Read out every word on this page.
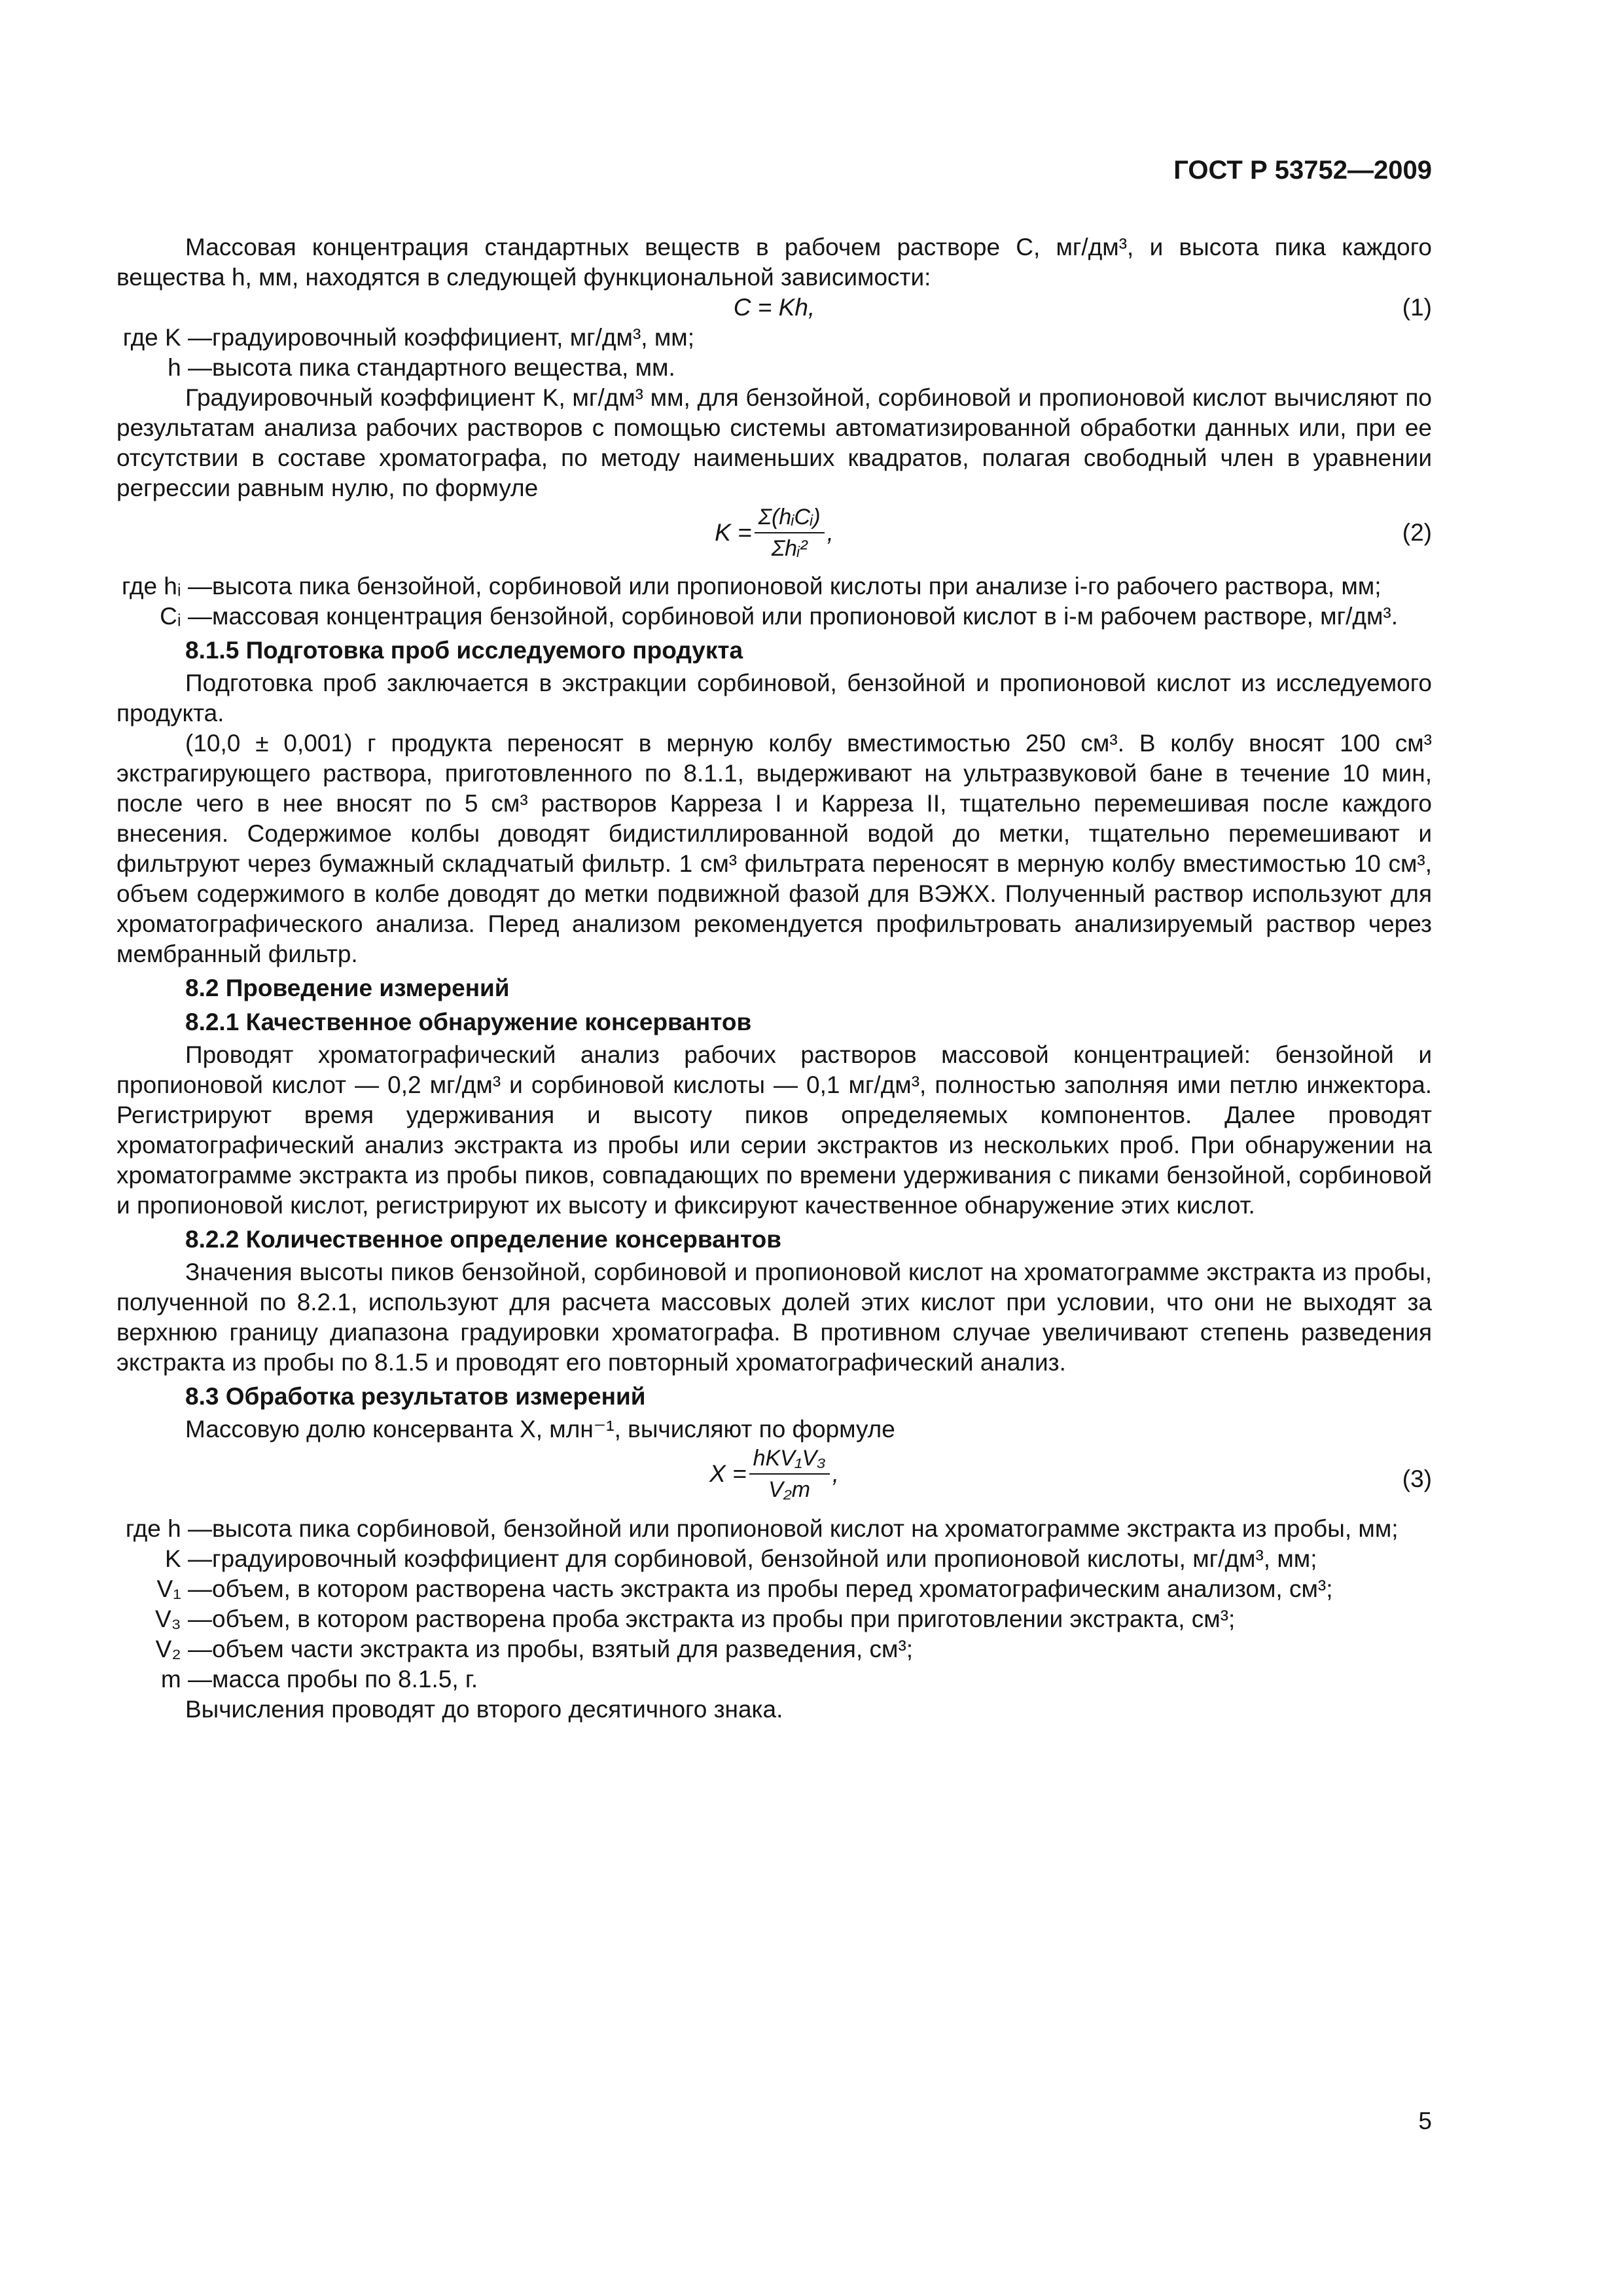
ГОСТ Р 53752—2009

Массовая концентрация стандартных веществ в рабочем растворе С, мг/дм³, и высота пика каждого вещества h, мм, находятся в следующей функциональной зависимости:

C = Kh,	(1)
где K — градуировочный коэффициент, мг/дм³, мм;
h — высота пика стандартного вещества, мм.

Градуировочный коэффициент K, мг/дм³ мм, для бензойной, сорбиновой и пропионовой кислот вычисляют по результатам анализа рабочих растворов с помощью системы автоматизированной обработки данных или, при ее отсутствии в составе хроматографа, по методу наименьших квадратов, полагая свободный член в уравнении регрессии равным нулю, по формуле

$K = \frac{\text{Σ(hᵢCᵢ)}}{\text{Σhᵢ²}}$ ,	(2)
где hᵢ — высота пика бензойной, сорбиновой или пропионовой кислоты при анализе i-го рабочего раствора, мм;
Cᵢ — массовая концентрация бензойной, сорбиновой или пропионовой кислот в i-м рабочем растворе, мг/дм³.

8.1.5 Подготовка проб исследуемого продукта

Подготовка проб заключается в экстракции сорбиновой, бензойной и пропионовой кислот из исследуемого продукта.

(10,0 ± 0,001) г продукта переносят в мерную колбу вместимостью 250 см³. В колбу вносят 100 см³ экстрагирующего раствора, приготовленного по 8.1.1, выдерживают на ультразвуковой бане в течение 10 мин, после чего в нее вносят по 5 см³ растворов Карреза I и Карреза II, тщательно перемешивая после каждого внесения. Содержимое колбы доводят бидистиллированной водой до метки, тщательно перемешивают и фильтруют через бумажный складчатый фильтр. 1 см³ фильтрата переносят в мерную колбу вместимостью 10 см³, объем содержимого в колбе доводят до метки подвижной фазой для ВЭЖХ. Полученный раствор используют для хроматографического анализа. Перед анализом рекомендуется профильтровать анализируемый раствор через мембранный фильтр.

8.2 Проведение измерений

8.2.1 Качественное обнаружение консервантов

Проводят хроматографический анализ рабочих растворов массовой концентрацией: бензойной и пропионовой кислот — 0,2 мг/дм³ и сорбиновой кислоты — 0,1 мг/дм³, полностью заполняя ими петлю инжектора. Регистрируют время удерживания и высоту пиков определяемых компонентов. Далее проводят хроматографический анализ экстракта из пробы или серии экстрактов из нескольких проб. При обнаружении на хроматограмме экстракта из пробы пиков, совпадающих по времени удерживания с пиками бензойной, сорбиновой и пропионовой кислот, регистрируют их высоту и фиксируют качественное обнаружение этих кислот.

8.2.2 Количественное определение консервантов

Значения высоты пиков бензойной, сорбиновой и пропионовой кислот на хроматограмме экстракта из пробы, полученной по 8.2.1, используют для расчета массовых долей этих кислот при условии, что они не выходят за верхнюю границу диапазона градуировки хроматографа. В противном случае увеличивают степень разведения экстракта из пробы по 8.1.5 и проводят его повторный хроматографический анализ.

8.3 Обработка результатов измерений

Массовую долю консерванта X, млн⁻¹, вычисляют по формуле

$X = \frac{\text{hKV₁V₃}}{\text{V₂m}}$ ,	(3)
где h — высота пика сорбиновой, бензойной или пропионовой кислот на хроматограмме экстракта из пробы, мм;
K — градуировочный коэффициент для сорбиновой, бензойной или пропионовой кислоты, мг/дм³, мм;
V₁ — объем, в котором растворена часть экстракта из пробы перед хроматографическим анализом, см³;
V₃ — объем, в котором растворена проба экстракта из пробы при приготовлении экстракта, см³;
V₂ — объем части экстракта из пробы, взятый для разведения, см³;
m — масса пробы по 8.1.5, г.

Вычисления проводят до второго десятичного знака.

5
